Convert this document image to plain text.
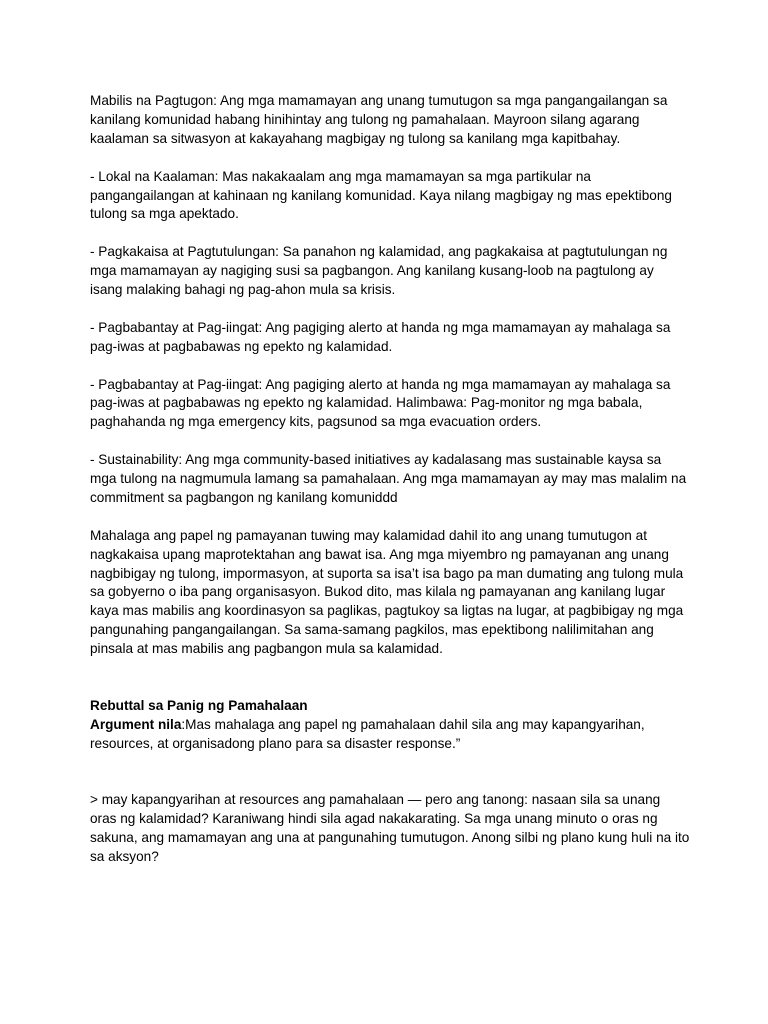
Mabilis na Pagtugon: Ang mga mamamayan ang unang tumutugon sa mga pangangailangan sa kanilang komunidad habang hinihintay ang tulong ng pamahalaan. Mayroon silang agarang kaalaman sa sitwasyon at kakayahang magbigay ng tulong sa kanilang mga kapitbahay.

- Lokal na Kaalaman: Mas nakakaalam ang mga mamamayan sa mga partikular na pangangailangan at kahinaan ng kanilang komunidad. Kaya nilang magbigay ng mas epektibong tulong sa mga apektado.

- Pagkakaisa at Pagtutulungan: Sa panahon ng kalamidad, ang pagkakaisa at pagtutulungan ng mga mamamayan ay nagiging susi sa pagbangon. Ang kanilang kusang-loob na pagtulong ay isang malaking bahagi ng pag-ahon mula sa krisis.

- Pagbabantay at Pag-iingat: Ang pagiging alerto at handa ng mga mamamayan ay mahalaga sa pag-iwas at pagbabawas ng epekto ng kalamidad.

- Pagbabantay at Pag-iingat: Ang pagiging alerto at handa ng mga mamamayan ay mahalaga sa pag-iwas at pagbabawas ng epekto ng kalamidad. Halimbawa: Pag-monitor ng mga babala, paghahanda ng mga emergency kits, pagsunod sa mga evacuation orders.

- Sustainability: Ang mga community-based initiatives ay kadalasang mas sustainable kaysa sa mga tulong na nagmumula lamang sa pamahalaan. Ang mga mamamayan ay may mas malalim na commitment sa pagbangon ng kanilang komuniddd

Mahalaga ang papel ng pamayanan tuwing may kalamidad dahil ito ang unang tumutugon at nagkakaisa upang maprotektahan ang bawat isa. Ang mga miyembro ng pamayanan ang unang nagbibigay ng tulong, impormasyon, at suporta sa isa’t isa bago pa man dumating ang tulong mula sa gobyerno o iba pang organisasyon. Bukod dito, mas kilala ng pamayanan ang kanilang lugar kaya mas mabilis ang koordinasyon sa paglikas, pagtukoy sa ligtas na lugar, at pagbibigay ng mga pangunahing pangangailangan. Sa sama-samang pagkilos, mas epektibong nalilimitahan ang pinsala at mas mabilis ang pagbangon mula sa kalamidad.

Rebuttal sa Panig ng Pamahalaan

Argument nila:Mas mahalaga ang papel ng pamahalaan dahil sila ang may kapangyarihan, resources, at organisadong plano para sa disaster response.”

> may kapangyarihan at resources ang pamahalaan — pero ang tanong: nasaan sila sa unang oras ng kalamidad? Karaniwang hindi sila agad nakakarating. Sa mga unang minuto o oras ng sakuna, ang mamamayan ang una at pangunahing tumutugon. Anong silbi ng plano kung huli na ito sa aksyon?
